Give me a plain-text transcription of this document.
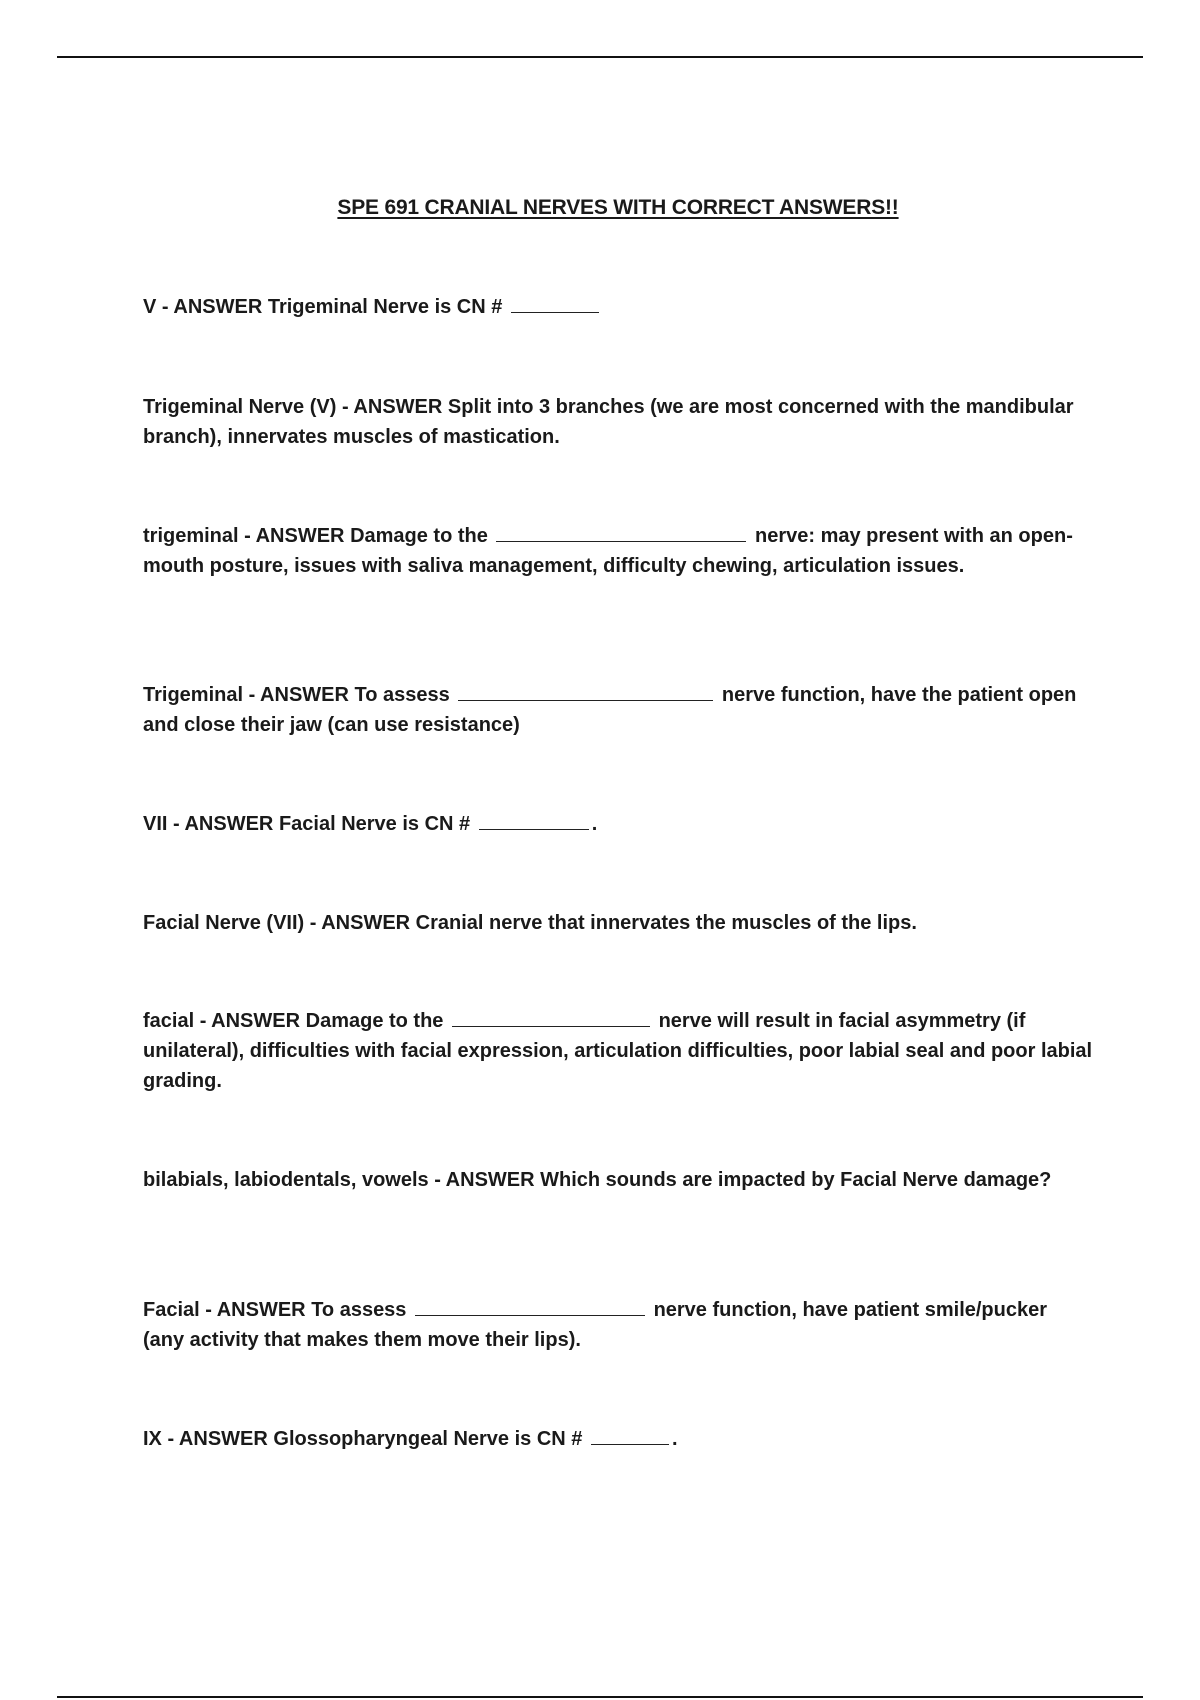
SPE 691 CRANIAL NERVES WITH CORRECT ANSWERS!!

V - ANSWER Trigeminal Nerve is CN #

Trigeminal Nerve (V) - ANSWER Split into 3 branches (we are most concerned with the mandibular branch), innervates muscles of mastication.

trigeminal - ANSWER Damage to the	nerve: may present with an open-mouth posture, issues with saliva management, difficulty chewing, articulation issues.

Trigeminal - ANSWER To assess	nerve function, have the patient open and close their jaw (can use resistance)

VII - ANSWER Facial Nerve is CN #	.

Facial Nerve (VII) - ANSWER Cranial nerve that innervates the muscles of the lips.

facial - ANSWER Damage to the	nerve will result in facial asymmetry (if unilateral), difficulties with facial expression, articulation difficulties, poor labial seal and poor labial grading.

bilabials, labiodentals, vowels - ANSWER Which sounds are impacted by Facial Nerve damage?

Facial - ANSWER To assess	nerve function, have patient smile/pucker (any activity that makes them move their lips).

IX - ANSWER Glossopharyngeal Nerve is CN #	.
